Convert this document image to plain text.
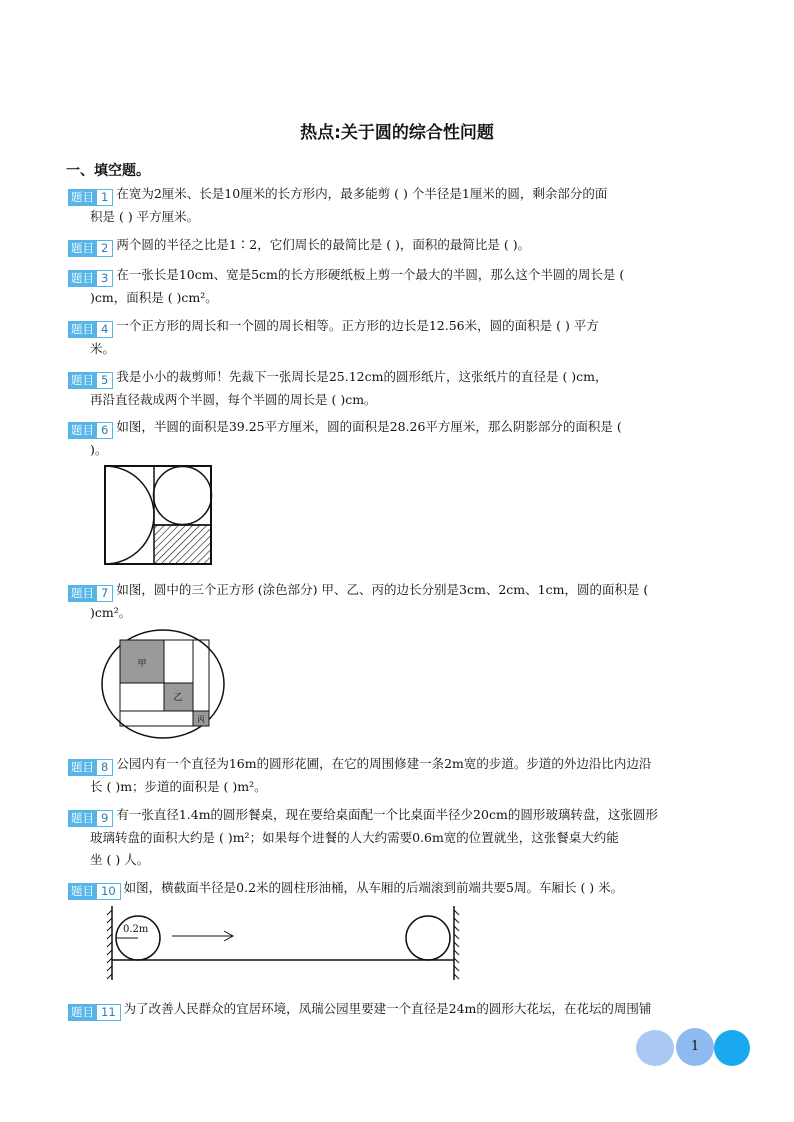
热点:关于圆的综合性问题
一、填空题。
题目 1 在宽为2厘米、长是10厘米的长方形内，最多能剪 ( ) 个半径是1厘米的圆，剩余部分的面
积是 ( ) 平方厘米。
题目 2 两个圆的半径之比是1∶2，它们周长的最简比是 ( )，面积的最简比是 ( )。
题目 3 在一张长是10cm、宽是5cm的长方形硬纸板上剪一个最大的半圆，那么这个半圆的周长是 (
)cm，面积是 ( )cm²。
题目 4 一个正方形的周长和一个圆的周长相等。正方形的边长是12.56米，圆的面积是 ( ) 平方
米。
题目 5 我是小小的裁剪师！先裁下一张周长是25.12cm的圆形纸片，这张纸片的直径是 ( )cm，
再沿直径裁成两个半圆，每个半圆的周长是 ( )cm。
题目 6 如图，半圆的面积是39.25平方厘米，圆的面积是28.26平方厘米，那么阴影部分的面积是 (
)。
题目 7 如图，圆中的三个正方形 (涂色部分) 甲、乙、丙的边长分别是3cm、2cm、1cm，圆的面积是 (
)cm²。
甲
乙
丙
题目 8 公园内有一个直径为16m的圆形花圃，在它的周围修建一条2m宽的步道。步道的外边沿比内边沿
长 ( )m；步道的面积是 ( )m²。
题目 9 有一张直径1.4m的圆形餐桌，现在要给桌面配一个比桌面半径少20cm的圆形玻璃转盘，这张圆形
玻璃转盘的面积大约是 ( )m²；如果每个进餐的人大约需要0.6m宽的位置就坐，这张餐桌大约能
坐 ( ) 人。
题目 10 如图，横截面半径是0.2米的圆柱形油桶，从车厢的后端滚到前端共要5周。车厢长 ( ) 米。
0.2m
题目 11 为了改善人民群众的宜居环境，凤瑞公园里要建一个直径是24m的圆形大花坛，在花坛的周围铺
1
